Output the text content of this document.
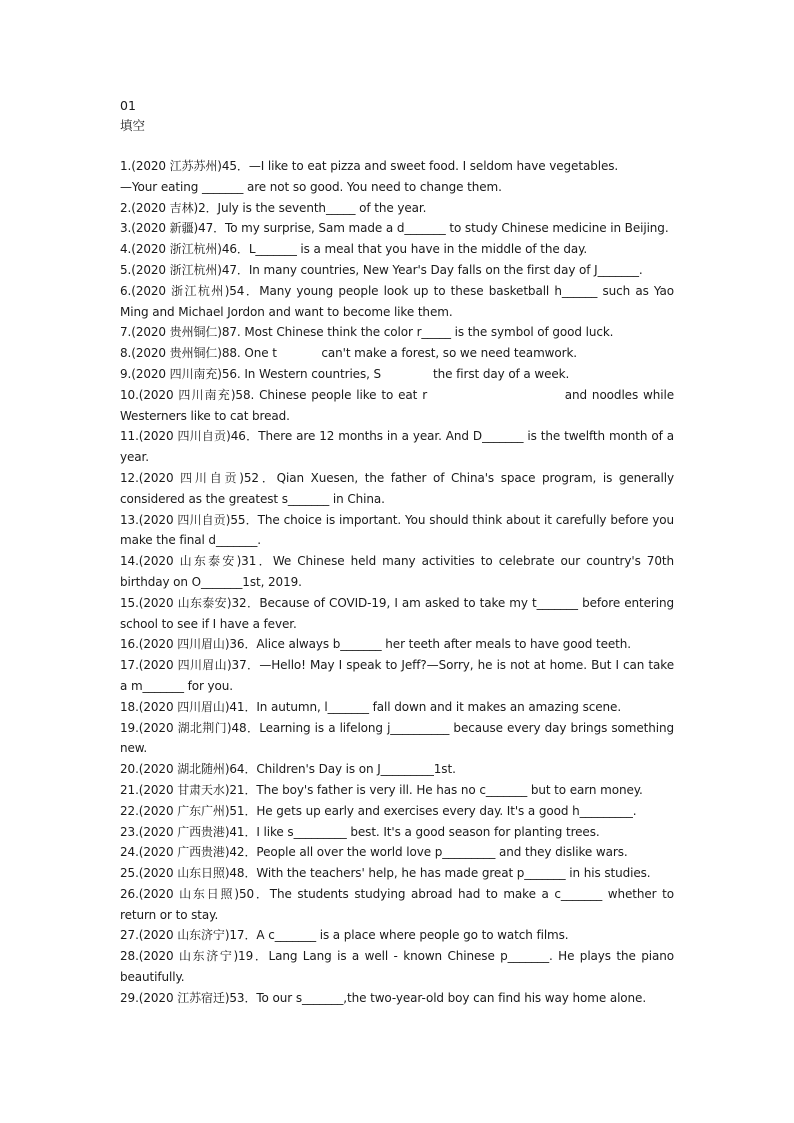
01
填空

1.(2020 江苏苏州)45．—I like to eat pizza and sweet food. I seldom have vegetables.

—Your eating _______ are not so good. You need to change them.

2.(2020 吉林)2．July is the seventh_____ of the year.

3.(2020 新疆)47．To my surprise, Sam made a d_______ to study Chinese medicine in Beijing.

4.(2020 浙江杭州)46．L_______ is a meal that you have in the middle of the day.

5.(2020 浙江杭州)47．In many countries, New Year's Day falls on the first day of J_______.

6.(2020 浙江杭州)54．Many young people look up to these basketball h______ such as Yao Ming and Michael Jordon and want to become like them.

7.(2020 贵州铜仁)87. Most Chinese think the color r_____ is the symbol of good luck.

8.(2020 贵州铜仁)88. One t            can't make a forest, so we need teamwork.

9.(2020 四川南充)56. In Western countries, S              the first day of a week.

10.(2020 四川南充)58. Chinese people like to eat r                            and noodles while Westerners like to cat bread.

11.(2020 四川自贡)46．There are 12 months in a year. And D_______ is the twelfth month of a year.

12.(2020 四川自贡)52．Qian Xuesen, the father of China's space program, is generally considered as the greatest s_______ in China.

13.(2020 四川自贡)55．The choice is important. You should think about it carefully before you make the final d_______.

14.(2020 山东泰安)31．We Chinese held many activities to celebrate our country's 70th birthday on O_______1st, 2019.

15.(2020 山东泰安)32．Because of COVID-19, I am asked to take my t_______ before entering school to see if I have a fever.

16.(2020 四川眉山)36．Alice always b_______ her teeth after meals to have good teeth.

17.(2020 四川眉山)37．—Hello! May I speak to Jeff?—Sorry, he is not at home. But I can take a m_______ for you.

18.(2020 四川眉山)41．In autumn, l_______ fall down and it makes an amazing scene.

19.(2020 湖北荆门)48．Learning is a lifelong j__________ because every day brings something new.

20.(2020 湖北随州)64．Children's Day is on J_________1st.

21.(2020 甘肃天水)21．The boy's father is very ill. He has no c_______ but to earn money.

22.(2020 广东广州)51．He gets up early and exercises every day. It's a good h_________.

23.(2020 广西贵港)41．I like s_________ best. It's a good season for planting trees.

24.(2020 广西贵港)42．People all over the world love p_________ and they dislike wars.

25.(2020 山东日照)48．With the teachers' help, he has made great p_______ in his studies.

26.(2020 山东日照)50．The students studying abroad had to make a c_______ whether to return or to stay.

27.(2020 山东济宁)17．A c_______ is a place where people go to watch films.

28.(2020 山东济宁)19．Lang Lang is a well - known Chinese p_______. He plays the piano beautifully.

29.(2020 江苏宿迁)53．To our s_______,the two-year-old boy can find his way home alone.
